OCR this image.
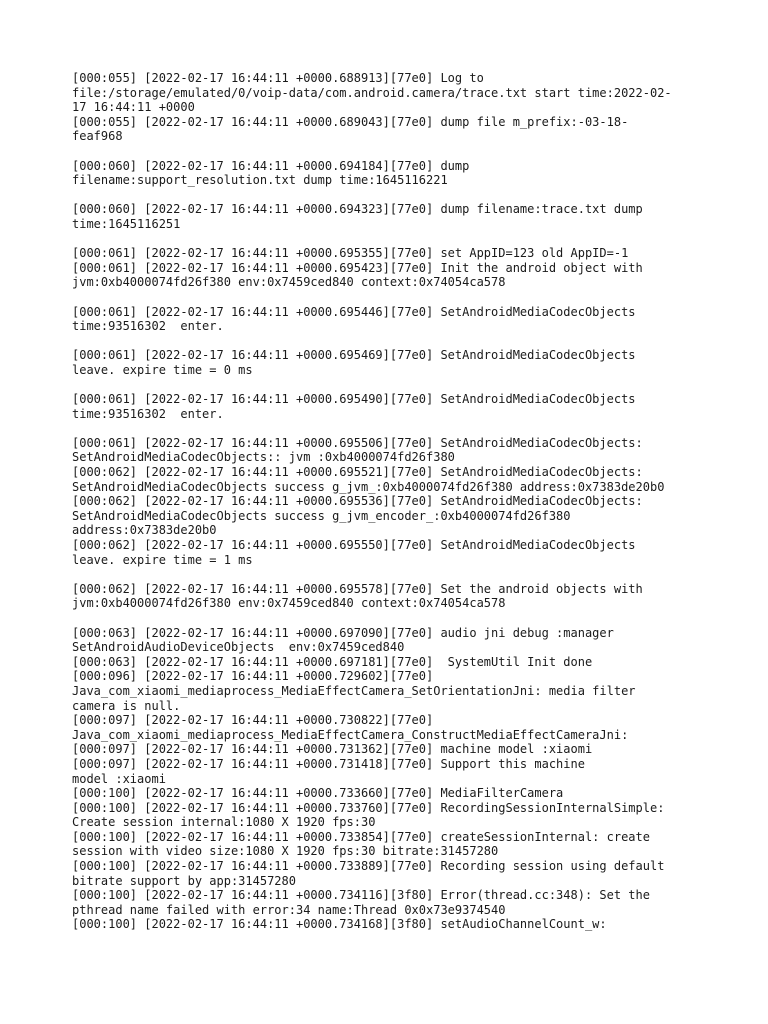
[000:055] [2022-02-17 16:44:11 +0000.688913][77e0] Log to
file:/storage/emulated/0/voip-data/com.android.camera/trace.txt start time:2022-02-
17 16:44:11 +0000
[000:055] [2022-02-17 16:44:11 +0000.689043][77e0] dump file m_prefix:-03-18-
feaf968
[000:060] [2022-02-17 16:44:11 +0000.694184][77e0] dump
filename:support_resolution.txt dump time:1645116221
[000:060] [2022-02-17 16:44:11 +0000.694323][77e0] dump filename:trace.txt dump
time:1645116251
[000:061] [2022-02-17 16:44:11 +0000.695355][77e0] set AppID=123 old AppID=-1
[000:061] [2022-02-17 16:44:11 +0000.695423][77e0] Init the android object with
jvm:0xb4000074fd26f380 env:0x7459ced840 context:0x74054ca578
[000:061] [2022-02-17 16:44:11 +0000.695446][77e0] SetAndroidMediaCodecObjects
time:93516302  enter.
[000:061] [2022-02-17 16:44:11 +0000.695469][77e0] SetAndroidMediaCodecObjects
leave. expire time = 0 ms
[000:061] [2022-02-17 16:44:11 +0000.695490][77e0] SetAndroidMediaCodecObjects
time:93516302  enter.
[000:061] [2022-02-17 16:44:11 +0000.695506][77e0] SetAndroidMediaCodecObjects:
SetAndroidMediaCodecObjects:: jvm :0xb4000074fd26f380
[000:062] [2022-02-17 16:44:11 +0000.695521][77e0] SetAndroidMediaCodecObjects:
SetAndroidMediaCodecObjects success g_jvm_:0xb4000074fd26f380 address:0x7383de20b0
[000:062] [2022-02-17 16:44:11 +0000.695536][77e0] SetAndroidMediaCodecObjects:
SetAndroidMediaCodecObjects success g_jvm_encoder_:0xb4000074fd26f380
address:0x7383de20b0
[000:062] [2022-02-17 16:44:11 +0000.695550][77e0] SetAndroidMediaCodecObjects
leave. expire time = 1 ms
[000:062] [2022-02-17 16:44:11 +0000.695578][77e0] Set the android objects with
jvm:0xb4000074fd26f380 env:0x7459ced840 context:0x74054ca578
[000:063] [2022-02-17 16:44:11 +0000.697090][77e0] audio jni debug :manager
SetAndroidAudioDeviceObjects  env:0x7459ced840
[000:063] [2022-02-17 16:44:11 +0000.697181][77e0]  SystemUtil Init done
[000:096] [2022-02-17 16:44:11 +0000.729602][77e0]
Java_com_xiaomi_mediaprocess_MediaEffectCamera_SetOrientationJni: media filter
camera is null.
[000:097] [2022-02-17 16:44:11 +0000.730822][77e0]
Java_com_xiaomi_mediaprocess_MediaEffectCamera_ConstructMediaEffectCameraJni:
[000:097] [2022-02-17 16:44:11 +0000.731362][77e0] machine model :xiaomi
[000:097] [2022-02-17 16:44:11 +0000.731418][77e0] Support this machine
model :xiaomi
[000:100] [2022-02-17 16:44:11 +0000.733660][77e0] MediaFilterCamera
[000:100] [2022-02-17 16:44:11 +0000.733760][77e0] RecordingSessionInternalSimple:
Create session internal:1080 X 1920 fps:30
[000:100] [2022-02-17 16:44:11 +0000.733854][77e0] createSessionInternal: create
session with video size:1080 X 1920 fps:30 bitrate:31457280
[000:100] [2022-02-17 16:44:11 +0000.733889][77e0] Recording session using default
bitrate support by app:31457280
[000:100] [2022-02-17 16:44:11 +0000.734116][3f80] Error(thread.cc:348): Set the
pthread name failed with error:34 name:Thread 0x0x73e9374540
[000:100] [2022-02-17 16:44:11 +0000.734168][3f80] setAudioChannelCount_w:
